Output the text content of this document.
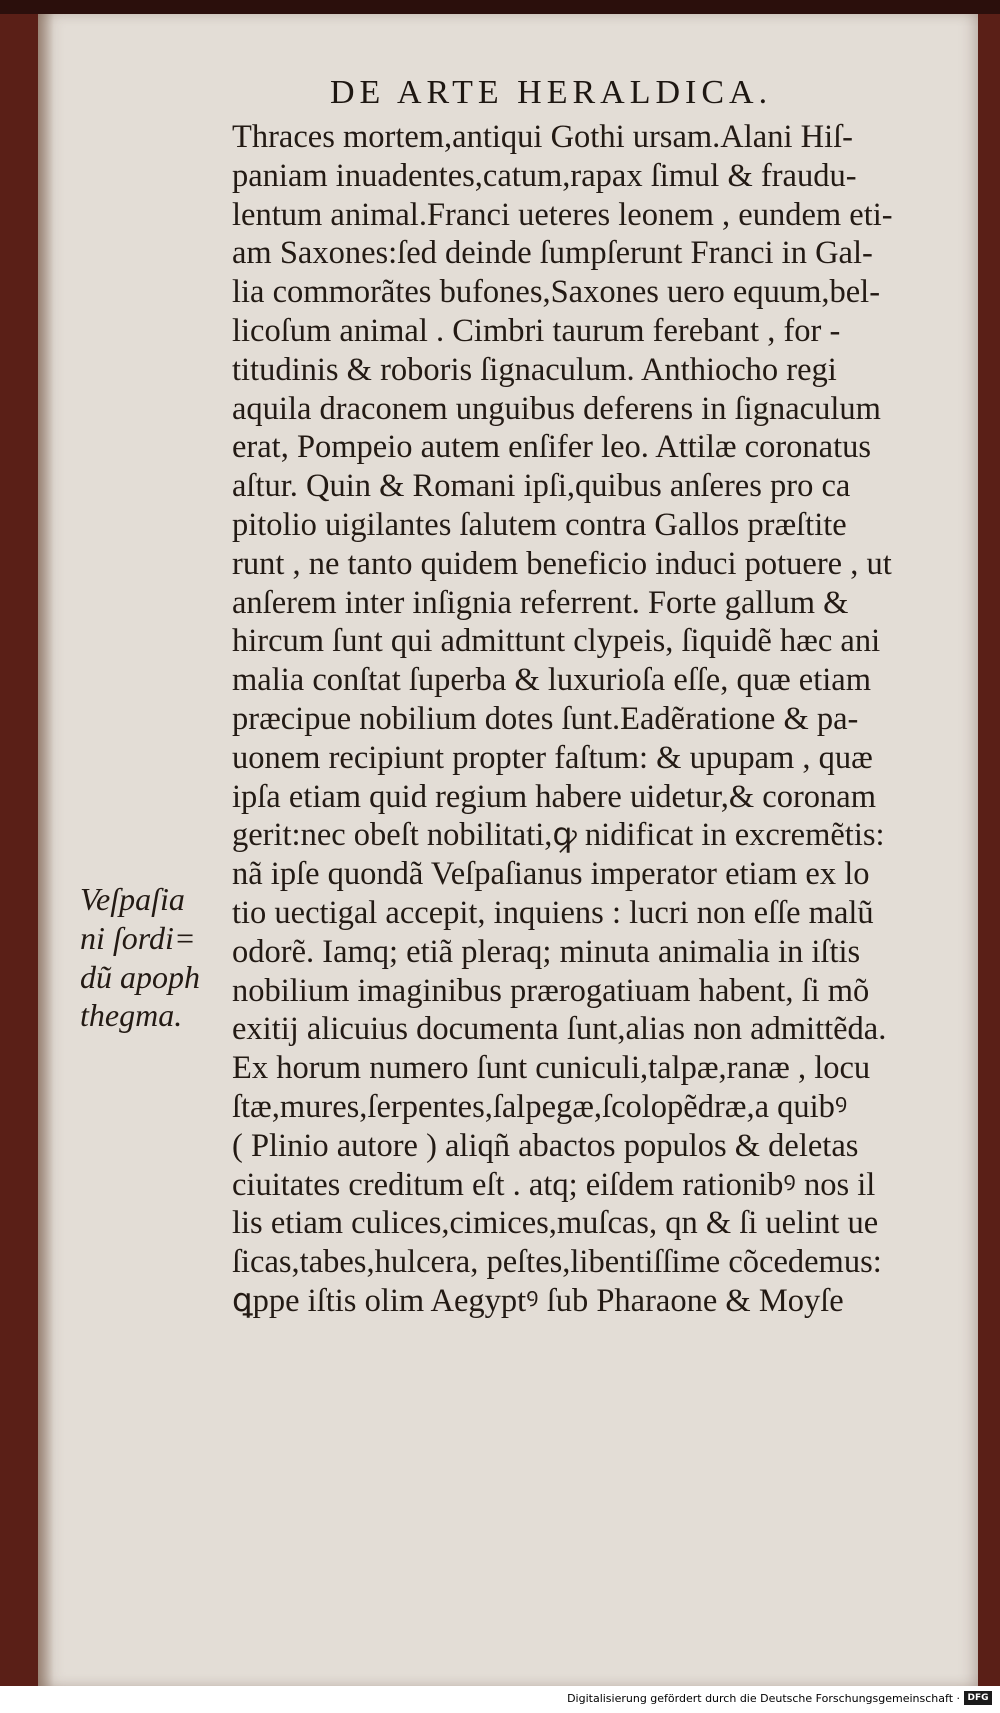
DE ARTE HERALDICA.
Thraces mortem,antiqui Gothi ursam.Alani Hiſ-
paniam inuadentes,catum,rapax ſimul & fraudu-
lentum animal.Franci ueteres leonem , eundem eti-
am Saxones:ſed deinde ſumpſerunt Franci in Gal-
lia commorãtes bufones,Saxones uero equum,bel-
licoſum animal . Cimbri taurum ferebant , for -
titudinis & roboris ſignaculum. Anthiocho regi
aquila draconem unguibus deferens in ſignaculum
erat, Pompeio autem enſifer leo. Attilæ coronatus
aſtur. Quin & Romani ipſi,quibus anſeres pro ca
pitolio uigilantes ſalutem contra Gallos præſtite
runt , ne tanto quidem beneficio induci potuere , ut
anſerem inter inſignia referrent. Forte gallum &
hircum ſunt qui admittunt clypeis, ſiquidẽ hæc ani
malia conſtat ſuperba & luxurioſa eſſe, quæ etiam
præcipue nobilium dotes ſunt.Eadẽratione & pa-
uonem recipiunt propter faſtum: & upupam , quæ
ipſa etiam quid regium habere uidetur,& coronam
gerit:nec obeſt nobilitati,ꝙ nidificat in excremẽtis:
nã ipſe quondã Veſpaſianus imperator etiam ex lo
tio uectigal accepit, inquiens : lucri non eſſe malũ
odorẽ. Iamq; etiã pleraq; minuta animalia in iſtis
nobilium imaginibus prærogatiuam habent, ſi mõ
exitij alicuius documenta ſunt,alias non admittẽda.
Ex horum numero ſunt cuniculi,talpæ,ranæ , locu
ſtæ,mures,ſerpentes,ſalpegæ,ſcolopẽdræ,a quibꝰ
( Plinio autore ) aliqñ abactos populos & deletas
ciuitates creditum eſt . atq; eiſdem rationibꝰ nos il
lis etiam culices,cimices,muſcas, qn & ſi uelint ue
ſicas,tabes,hulcera, peſtes,libentiſſime cõcedemus:
ꝗppe iſtis olim Aegyptꝰ ſub Pharaone & Moyſe
Veſpaſia
ni ſordi=
dũ apoph
thegma.
Digitalisierung gefördert durch die Deutsche Forschungsgemeinschaft · DFG
